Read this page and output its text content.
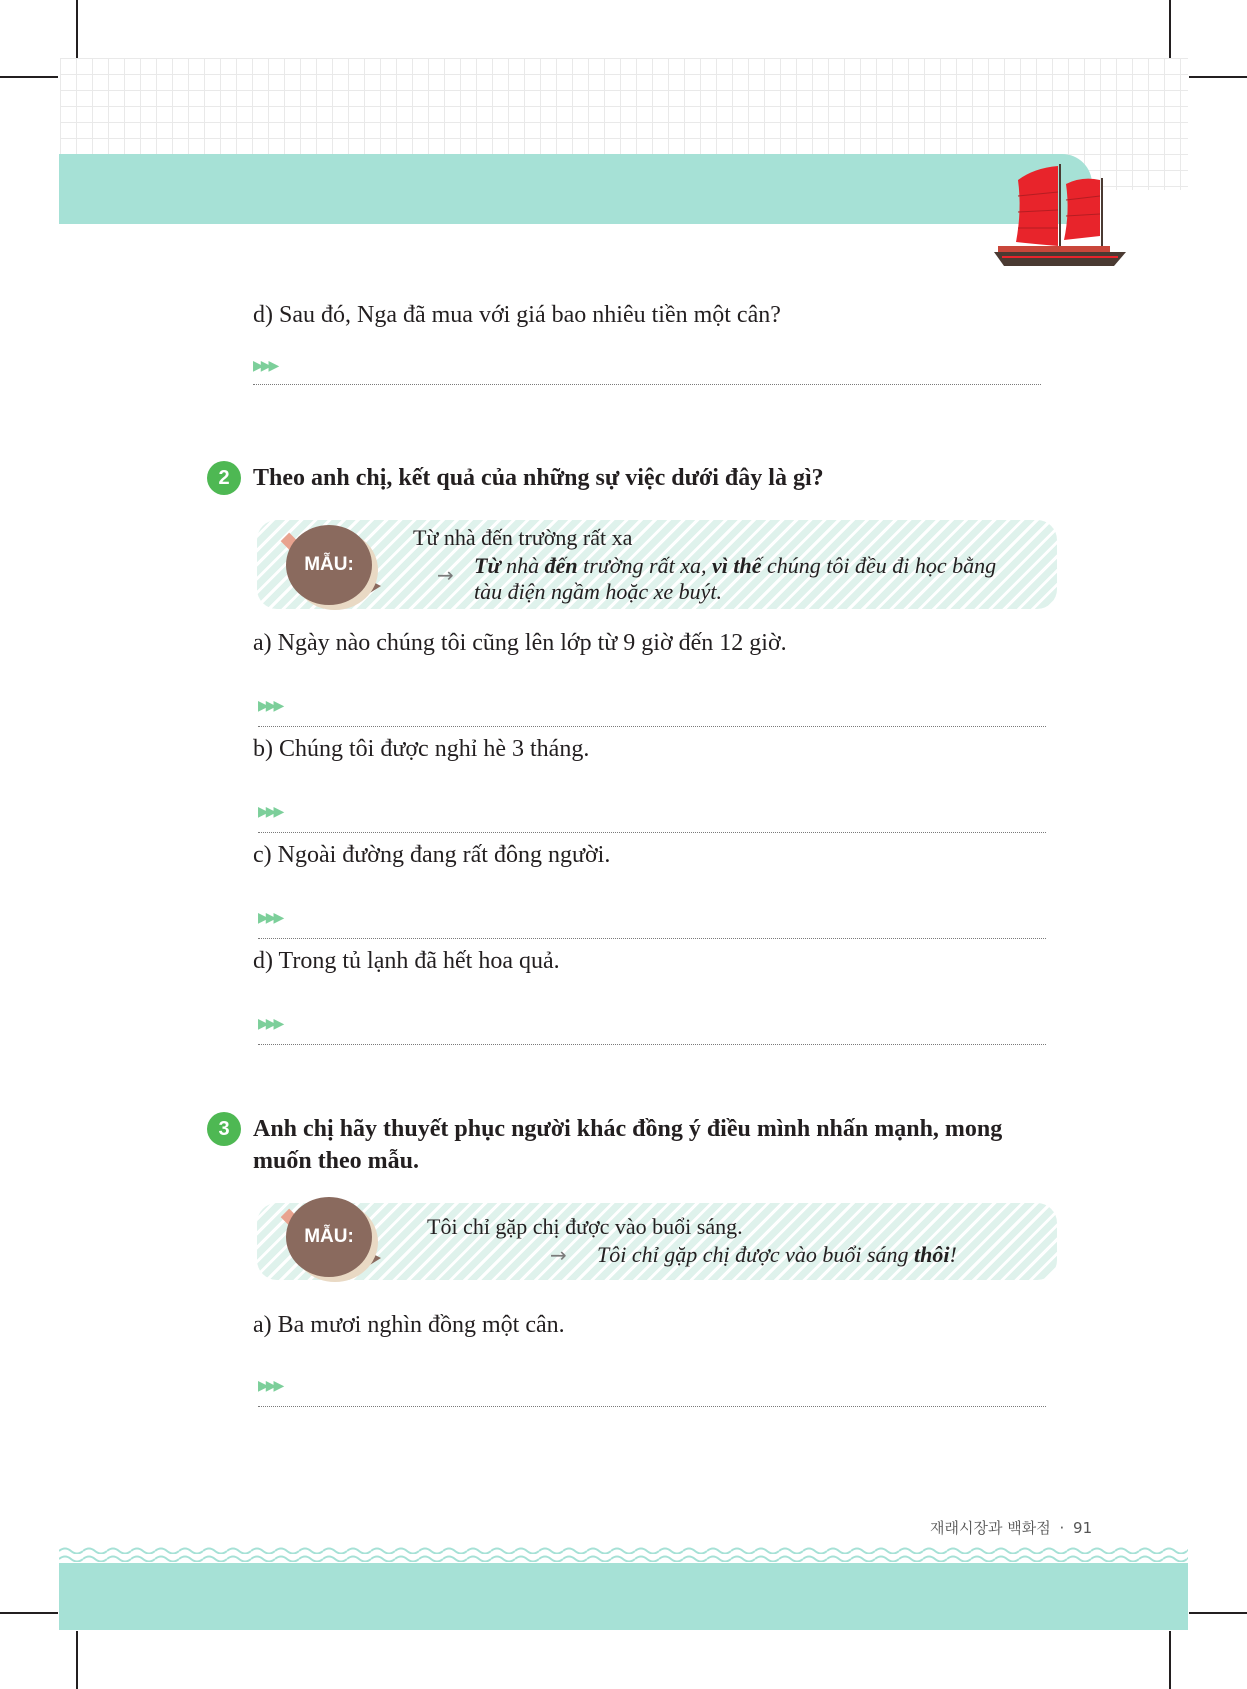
d) Sau đó, Nga đã mua với giá bao nhiêu tiền một cân?
▶▶▶
2 Theo anh chị, kết quả của những sự việc dưới đây là gì?
MẪU:
Từ nhà đến trường rất xa
→ Từ nhà đến trường rất xa, vì thế chúng tôi đều đi học bằng
tàu điện ngầm hoặc xe buýt.
a) Ngày nào chúng tôi cũng lên lớp từ 9 giờ đến 12 giờ.
▶▶▶
b) Chúng tôi được nghỉ hè 3 tháng.
▶▶▶
c) Ngoài đường đang rất đông người.
▶▶▶
d) Trong tủ lạnh đã hết hoa quả.
▶▶▶
3 Anh chị hãy thuyết phục người khác đồng ý điều mình nhấn mạnh, mong
muốn theo mẫu.
MẪU:	Tôi chỉ gặp chị được vào buổi sáng.
→ Tôi chỉ gặp chị được vào buổi sáng thôi!
a) Ba mươi nghìn đồng một cân.
▶▶▶
재래시장과 백화점 · 91
